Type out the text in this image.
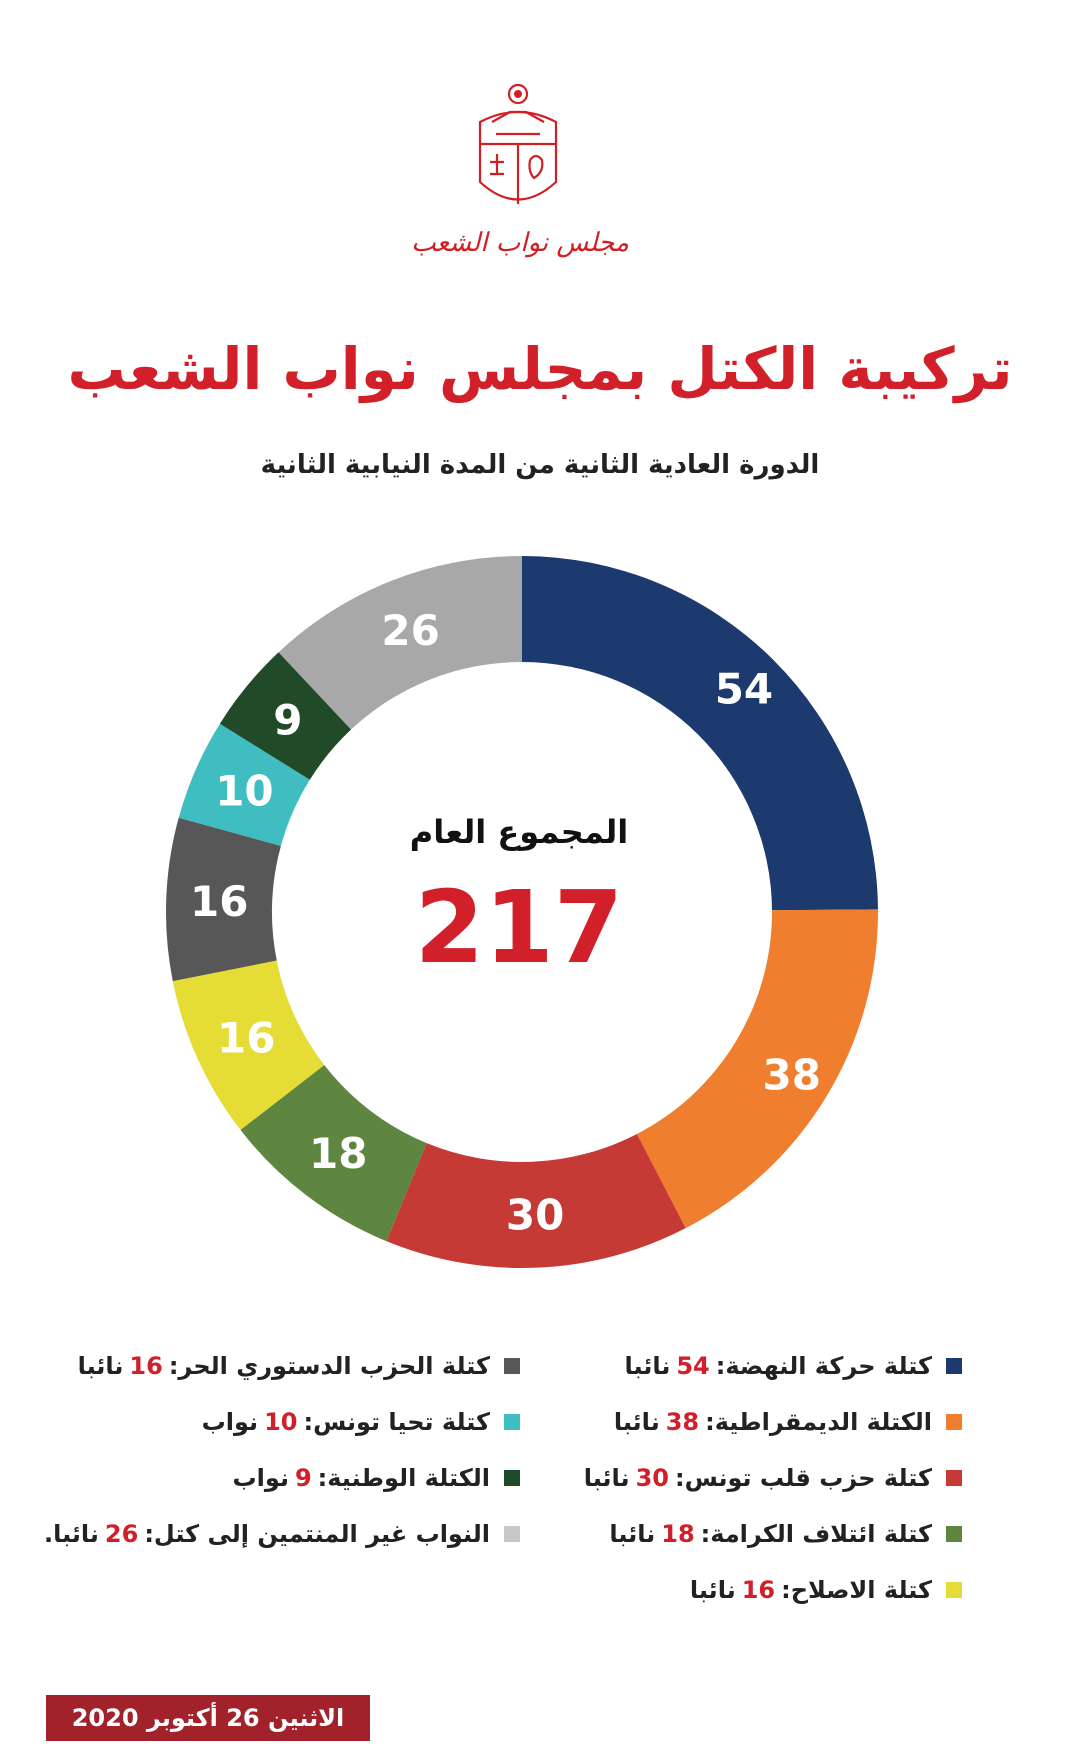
مجلس نواب الشعب
تركيبة الكتل بمجلس نواب الشعب
الدورة العادية الثانية من المدة النيابية الثانية
54
38
30
18
16
16
10
9
26
المجموع العام
217
كتلة حركة النهضة:
54
نائبا
الكتلة الديمقراطية:
38
نائبا
كتلة حزب قلب تونس:
30
نائبا
كتلة ائتلاف الكرامة:
18
نائبا
كتلة الاصلاح:
16
نائبا
كتلة الحزب الدستوري الحر:
16
نائبا
كتلة تحيا تونس:
10
نواب
الكتلة الوطنية:
9
نواب
النواب غير المنتمين إلى كتل:
26
نائبا.
الاثنين 26 أكتوبر 2020
